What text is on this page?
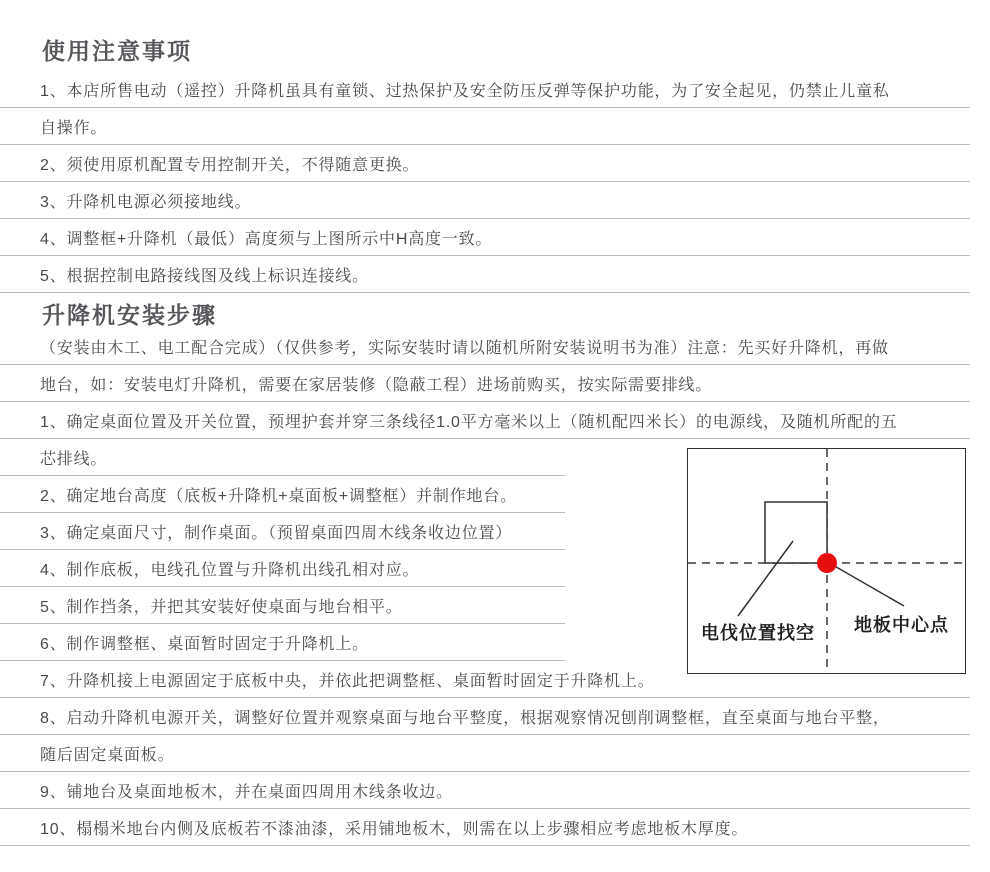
使用注意事项
1、本店所售电动（遥控）升降机虽具有童锁、过热保护及安全防压反弹等保护功能，为了安全起见，仍禁止儿童私
自操作。
2、须使用原机配置专用控制开关，不得随意更换。
3、升降机电源必须接地线。
4、调整框+升降机（最低）高度须与上图所示中H高度一致。
5、根据控制电路接线图及线上标识连接线。
升降机安装步骤
（安装由木工、电工配合完成）（仅供参考，实际安装时请以随机所附安装说明书为准）注意：先买好升降机，再做
地台，如：安装电灯升降机，需要在家居装修（隐蔽工程）进场前购买，按实际需要排线。
1、确定桌面位置及开关位置，预埋护套并穿三条线径1.0平方毫米以上（随机配四米长）的电源线，及随机所配的五
芯排线。
2、确定地台高度（底板+升降机+桌面板+调整框）并制作地台。
3、确定桌面尺寸，制作桌面。（预留桌面四周木线条收边位置）
4、制作底板，电线孔位置与升降机出线孔相对应。
5、制作挡条，并把其安装好使桌面与地台相平。
6、制作调整框、桌面暂时固定于升降机上。
7、升降机接上电源固定于底板中央，并依此把调整框、桌面暂时固定于升降机上。
8、启动升降机电源开关，调整好位置并观察桌面与地台平整度，根据观察情况刨削调整框，直至桌面与地台平整，
随后固定桌面板。
9、铺地台及桌面地板木，并在桌面四周用木线条收边。
10、榻榻米地台内侧及底板若不漆油漆，采用铺地板木，则需在以上步骤相应考虑地板木厚度。
电伐位置找空 地板中心点
